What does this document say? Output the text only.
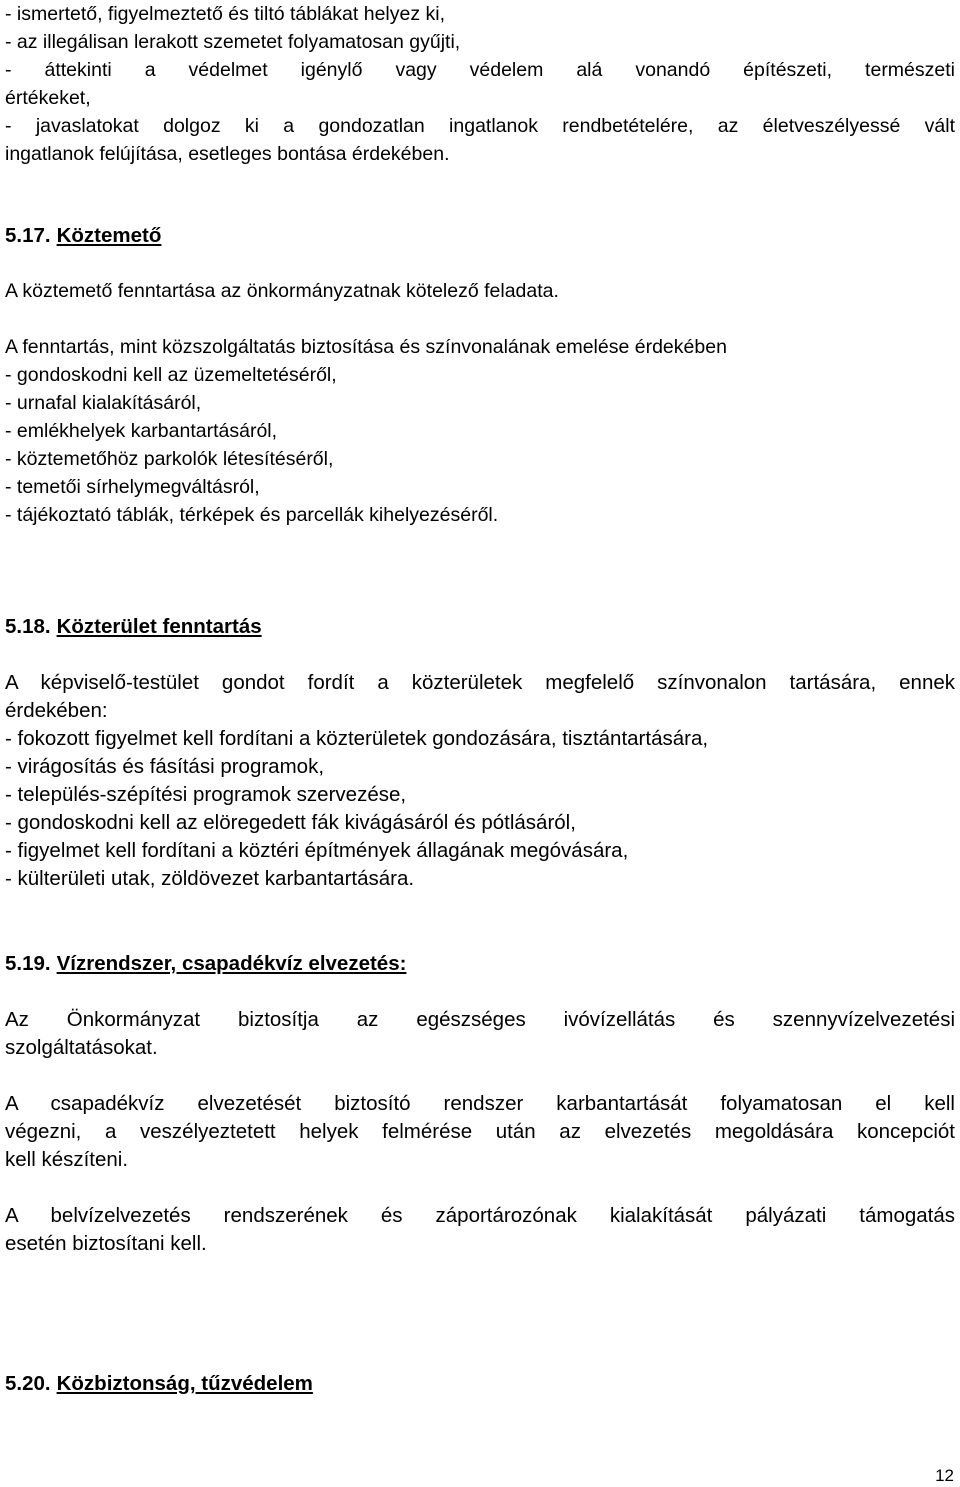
- ismertető, figyelmeztető és tiltó táblákat helyez ki,

- az illegálisan lerakott szemetet folyamatosan gyűjti,

- áttekinti a védelmet igénylő vagy védelem alá vonandó építészeti, természeti

értékeket,

- javaslatokat dolgoz ki a gondozatlan ingatlanok rendbetételére, az életveszélyessé vált

ingatlanok felújítása, esetleges bontása érdekében.

5.17. Köztemető

A köztemető fenntartása az önkormányzatnak kötelező feladata.

A fenntartás, mint közszolgáltatás biztosítása és színvonalának emelése érdekében

- gondoskodni kell az üzemeltetéséről,

- urnafal kialakításáról,

- emlékhelyek karbantartásáról,

- köztemetőhöz parkolók létesítéséről,

- temetői sírhelymegváltásról,

- tájékoztató táblák, térképek és parcellák kihelyezéséről.

5.18. Közterület fenntartás

A képviselő-testület gondot fordít a közterületek megfelelő színvonalon tartására, ennek

érdekében:

- fokozott figyelmet kell fordítani a közterületek gondozására, tisztántartására,

- virágosítás és fásítási programok,

- település-szépítési programok szervezése,

- gondoskodni kell az elöregedett fák kivágásáról és pótlásáról,

- figyelmet kell fordítani a köztéri építmények állagának megóvására,

- külterületi utak, zöldövezet karbantartására.

5.19. Vízrendszer, csapadékvíz elvezetés:

Az Önkormányzat biztosítja az egészséges ivóvízellátás és szennyvízelvezetési

szolgáltatásokat.

A csapadékvíz elvezetését biztosító rendszer karbantartását folyamatosan el kell

végezni, a veszélyeztetett helyek felmérése után az elvezetés megoldására koncepciót

kell készíteni.

A belvízelvezetés rendszerének és záportározónak kialakítását pályázati támogatás

esetén biztosítani kell.

5.20. Közbiztonság, tűzvédelem

12
